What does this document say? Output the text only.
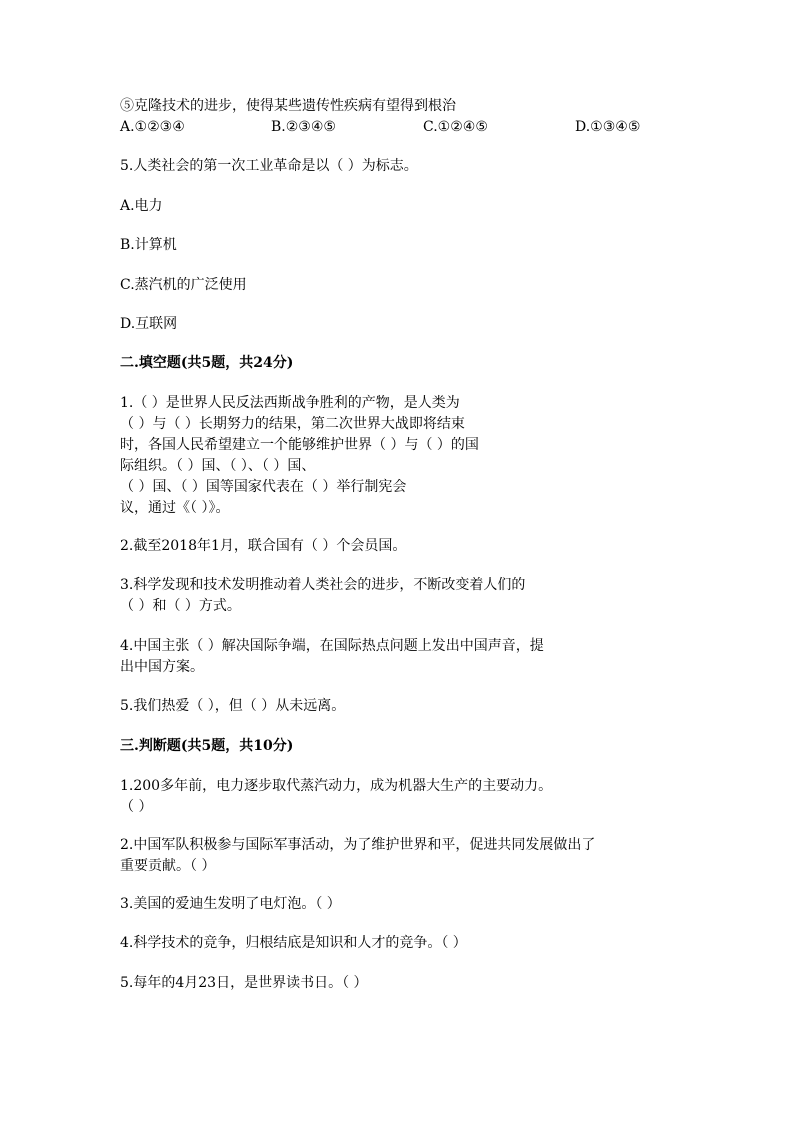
⑤克隆技术的进步，使得某些遗传性疾病有望得到根治
A.①②③④	B.②③④⑤	C.①②④⑤	D.①③④⑤
5.人类社会的第一次工业革命是以（ ）为标志。
A.电力
B.计算机
C.蒸汽机的广泛使用
D.互联网
二.填空题(共5题，共24分)
1.（ ）是世界人民反法西斯战争胜利的产物，是人类为
（ ）与（ ）长期努力的结果，第二次世界大战即将结束
时，各国人民希望建立一个能够维护世界（ ）与（ ）的国
际组织。（ ）国、（ ）、（ ）国、
（ ）国、（ ）国等国家代表在（ ）举行制宪会
议，通过《（ ）》。
2.截至2018年1月，联合国有（ ）个会员国。
3.科学发现和技术发明推动着人类社会的进步，不断改变着人们的
（ ）和（ ）方式。
4.中国主张（ ）解决国际争端，在国际热点问题上发出中国声音，提
出中国方案。
5.我们热爱（ ），但（ ）从未远离。
三.判断题(共5题，共10分)
1.200多年前，电力逐步取代蒸汽动力，成为机器大生产的主要动力。
（ ）
2.中国军队积极参与国际军事活动，为了维护世界和平，促进共同发展做出了
重要贡献。（ ）
3.美国的爱迪生发明了电灯泡。（ ）
4.科学技术的竞争，归根结底是知识和人才的竞争。（ ）
5.每年的4月23日，是世界读书日。（ ）
